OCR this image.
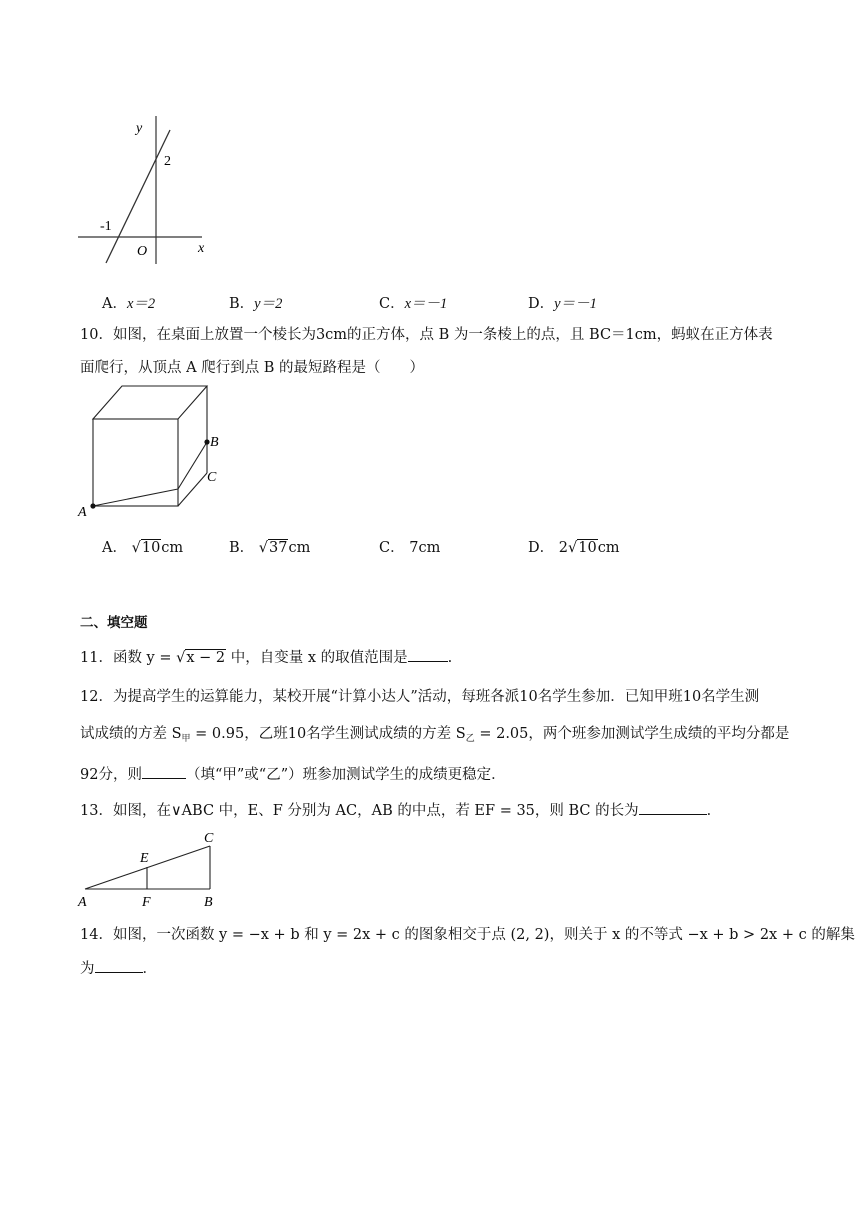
y
x
O
2
-1
A．x＝2	B．y＝2	C．x＝－1	D．y＝－1
10．如图，在桌面上放置一个棱长为3cm的正方体，点 B 为一条棱上的点，且 BC＝1cm，蚂蚁在正方体表
面爬行，从顶点 A 爬行到点 B 的最短路程是（　　）
A
B
C
A． √10cm	B． √37cm	C． 7cm	D． 2√10cm
二、填空题
11．函数 y = √x − 2 中，自变量 x 的取值范围是	.
12．为提高学生的运算能力，某校开展“计算小达人”活动，每班各派10名学生参加．已知甲班10名学生测
试成绩的方差 $S_甲 = 0.95$，乙班10名学生测试成绩的方差 $S_乙 = 2.05$，两个班参加测试学生成绩的平均分都是
92分，则	（填“甲”或“乙”）班参加测试学生的成绩更稳定．
13．如图，在∨ABC 中，E、F 分别为 AC，AB 的中点，若 EF = 35，则 BC 的长为	．
A	F	B
E
C
14．如图，一次函数 y = −x + b 和 y = 2x + c 的图象相交于点 (2, 2)，则关于 x 的不等式 −x + b > 2x + c 的解集
为	．
